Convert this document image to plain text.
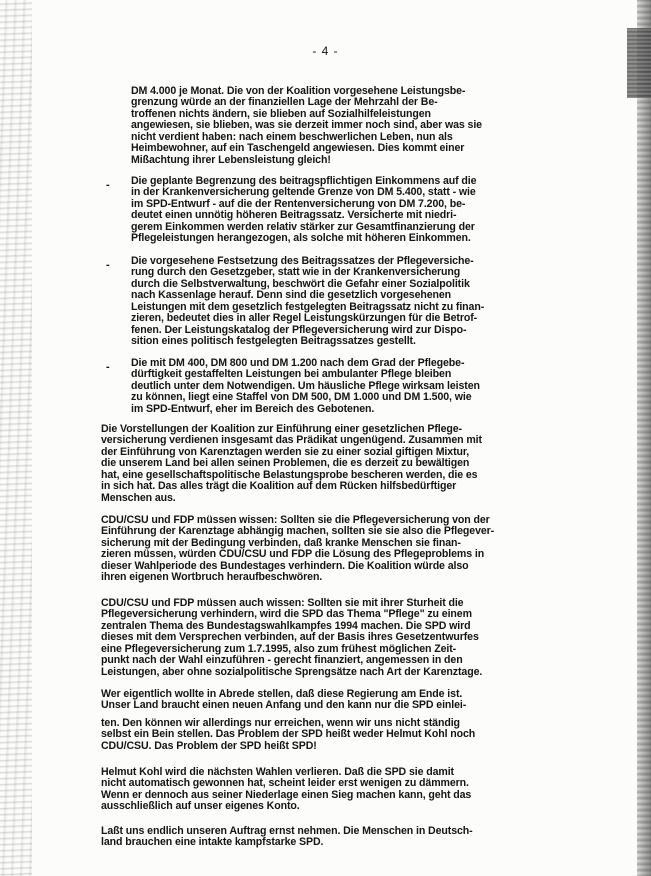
- 4 -

DM 4.000 je Monat. Die von der Koalition vorgesehene Leistungsbe-

grenzung würde an der finanziellen Lage der Mehrzahl der Be-

troffenen nichts ändern, sie blieben auf Sozialhilfeleistungen

angewiesen, sie blieben, was sie derzeit immer noch sind, aber was sie

nicht verdient haben: nach einem beschwerlichen Leben, nun als

Heimbewohner, auf ein Taschengeld angewiesen. Dies kommt einer

Mißachtung ihrer Lebensleistung gleich!

- Die geplante Begrenzung des beitragspflichtigen Einkommens auf die

in der Krankenversicherung geltende Grenze von DM 5.400, statt - wie

im SPD-Entwurf - auf die der Rentenversicherung von DM 7.200, be-

deutet einen unnötig höheren Beitragssatz. Versicherte mit niedri-

gerem Einkommen werden relativ stärker zur Gesamtfinanzierung der

Pflegeleistungen herangezogen, als solche mit höheren Einkommen.

- Die vorgesehene Festsetzung des Beitragssatzes der Pflegeversiche-

rung durch den Gesetzgeber, statt wie in der Krankenversicherung

durch die Selbstverwaltung, beschwört die Gefahr einer Sozialpolitik

nach Kassenlage herauf. Denn sind die gesetzlich vorgesehenen

Leistungen mit dem gesetzlich festgelegten Beitragssatz nicht zu finan-

zieren, bedeutet dies in aller Regel Leistungskürzungen für die Betrof-

fenen. Der Leistungskatalog der Pflegeversicherung wird zur Dispo-

sition eines politisch festgelegten Beitragssatzes gestellt.

- Die mit DM 400, DM 800 und DM 1.200 nach dem Grad der Pflegebe-

dürftigkeit gestaffelten Leistungen bei ambulanter Pflege bleiben

deutlich unter dem Notwendigen. Um häusliche Pflege wirksam leisten

zu können, liegt eine Staffel von DM 500, DM 1.000 und DM 1.500, wie

im SPD-Entwurf, eher im Bereich des Gebotenen.

Die Vorstellungen der Koalition zur Einführung einer gesetzlichen Pflege-

versicherung verdienen insgesamt das Prädikat ungenügend. Zusammen mit

der Einführung von Karenztagen werden sie zu einer sozial giftigen Mixtur,

die unserem Land bei allen seinen Problemen, die es derzeit zu bewältigen

hat, eine gesellschaftspolitische Belastungsprobe bescheren werden, die es

in sich hat. Das alles trägt die Koalition auf dem Rücken hilfsbedürftiger

Menschen aus.

CDU/CSU und FDP müssen wissen: Sollten sie die Pflegeversicherung von der

Einführung der Karenztage abhängig machen, sollten sie sie also die Pflegever-

sicherung mit der Bedingung verbinden, daß kranke Menschen sie finan-

zieren müssen, würden CDU/CSU und FDP die Lösung des Pflegeproblems in

dieser Wahlperiode des Bundestages verhindern. Die Koalition würde also

ihren eigenen Wortbruch heraufbeschwören.

CDU/CSU und FDP müssen auch wissen: Sollten sie mit ihrer Sturheit die

Pflegeversicherung verhindern, wird die SPD das Thema "Pflege" zu einem

zentralen Thema des Bundestagswahlkampfes 1994 machen. Die SPD wird

dieses mit dem Versprechen verbinden, auf der Basis ihres Gesetzentwurfes

eine Pflegeversicherung zum 1.7.1995, also zum frühest möglichen Zeit-

punkt nach der Wahl einzuführen - gerecht finanziert, angemessen in den

Leistungen, aber ohne sozialpolitische Sprengsätze nach Art der Karenztage.

Wer eigentlich wollte in Abrede stellen, daß diese Regierung am Ende ist.

Unser Land braucht einen neuen Anfang und den kann nur die SPD einlei-

ten. Den können wir allerdings nur erreichen, wenn wir uns nicht ständig

selbst ein Bein stellen. Das Problem der SPD heißt weder Helmut Kohl noch

CDU/CSU. Das Problem der SPD heißt SPD!

Helmut Kohl wird die nächsten Wahlen verlieren. Daß die SPD sie damit

nicht automatisch gewonnen hat, scheint leider erst wenigen zu dämmern.

Wenn er dennoch aus seiner Niederlage einen Sieg machen kann, geht das

ausschließlich auf unser eigenes Konto.

Laßt uns endlich unseren Auftrag ernst nehmen. Die Menschen in Deutsch-

land brauchen eine intakte kampfstarke SPD.
